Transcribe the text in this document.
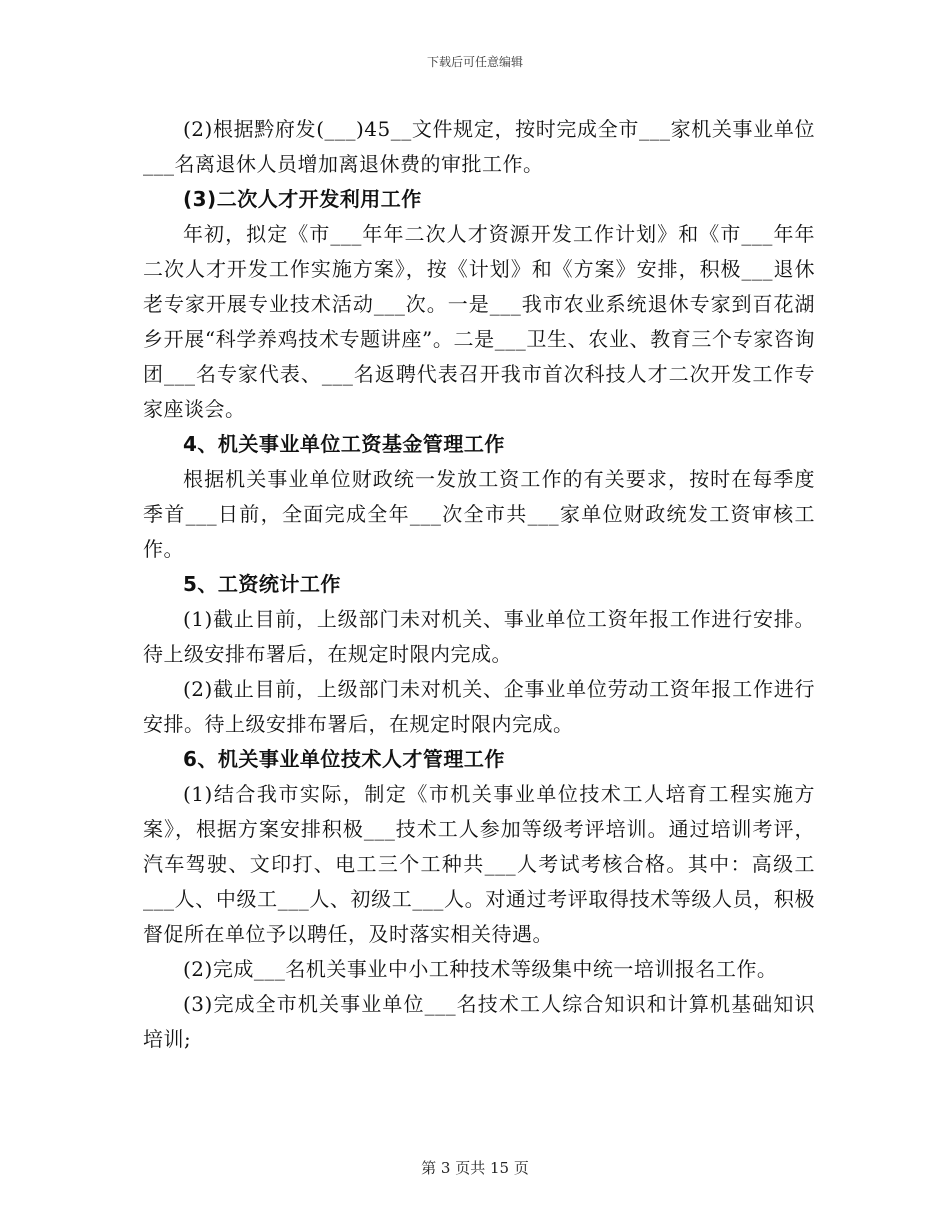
下载后可任意编辑

(2)根据黔府发(___)45__文件规定，按时完成全市___家机关事业单位___名离退休人员增加离退休费的审批工作。

(3)二次人才开发利用工作

年初，拟定《市___年年二次人才资源开发工作计划》和《市___年年二次人才开发工作实施方案》，按《计划》和《方案》安排，积极___退休老专家开展专业技术活动___次。一是___我市农业系统退休专家到百花湖乡开展“科学养鸡技术专题讲座”。二是___卫生、农业、教育三个专家咨询团___名专家代表、___名返聘代表召开我市首次科技人才二次开发工作专家座谈会。

4、机关事业单位工资基金管理工作

根据机关事业单位财政统一发放工资工作的有关要求，按时在每季度季首___日前，全面完成全年___次全市共___家单位财政统发工资审核工作。

5、工资统计工作

(1)截止目前，上级部门未对机关、事业单位工资年报工作进行安排。待上级安排布署后，在规定时限内完成。

(2)截止目前，上级部门未对机关、企事业单位劳动工资年报工作进行安排。待上级安排布署后，在规定时限内完成。

6、机关事业单位技术人才管理工作

(1)结合我市实际，制定《市机关事业单位技术工人培育工程实施方案》，根据方案安排积极___技术工人参加等级考评培训。通过培训考评，汽车驾驶、文印打、电工三个工种共___人考试考核合格。其中：高级工___人、中级工___人、初级工___人。对通过考评取得技术等级人员，积极督促所在单位予以聘任，及时落实相关待遇。

(2)完成___名机关事业中小工种技术等级集中统一培训报名工作。

(3)完成全市机关事业单位___名技术工人综合知识和计算机基础知识培训;

第 3 页共 15 页
